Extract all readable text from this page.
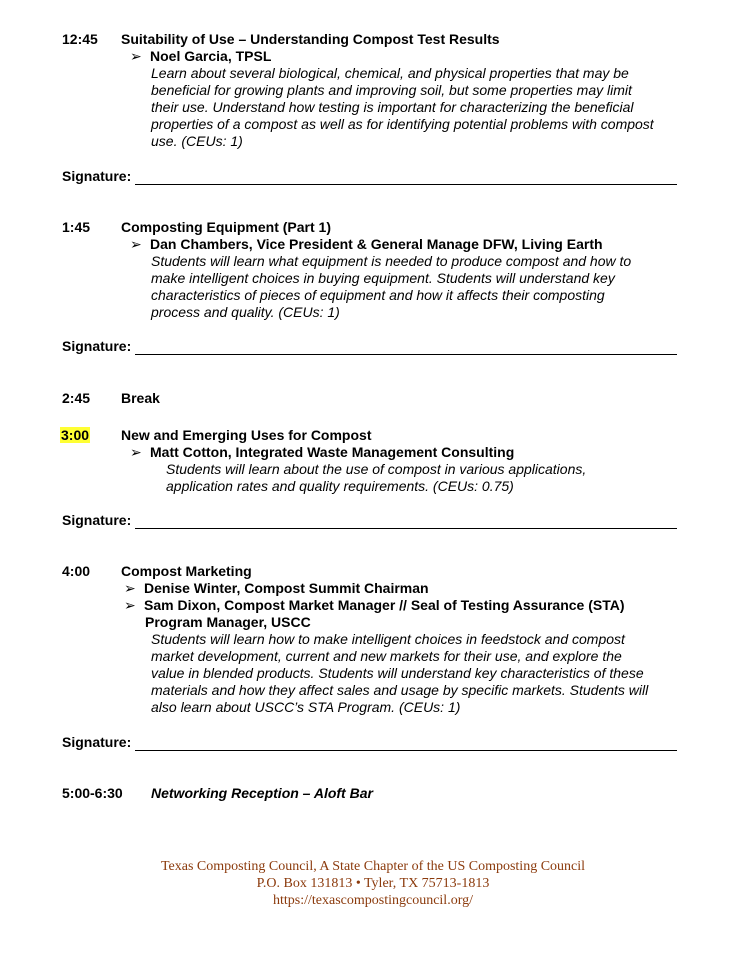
12:45 Suitability of Use – Understanding Compost Test Results
➢ Noel Garcia, TPSL
Learn about several biological, chemical, and physical properties that may be
beneficial for growing plants and improving soil, but some properties may limit
their use. Understand how testing is important for characterizing the beneficial
properties of a compost as well as for identifying potential problems with compost
use. (CEUs: 1)
Signature:
1:45 Composting Equipment (Part 1)
➢ Dan Chambers, Vice President & General Manage DFW, Living Earth
Students will learn what equipment is needed to produce compost and how to
make intelligent choices in buying equipment. Students will understand key
characteristics of pieces of equipment and how it affects their composting
process and quality. (CEUs: 1)
Signature:
2:45 Break
3:00 New and Emerging Uses for Compost
➢ Matt Cotton, Integrated Waste Management Consulting
Students will learn about the use of compost in various applications,
application rates and quality requirements. (CEUs: 0.75)
Signature:
4:00 Compost Marketing
➢ Denise Winter, Compost Summit Chairman
➢ Sam Dixon, Compost Market Manager // Seal of Testing Assurance (STA)
Program Manager, USCC
Students will learn how to make intelligent choices in feedstock and compost
market development, current and new markets for their use, and explore the
value in blended products. Students will understand key characteristics of these
materials and how they affect sales and usage by specific markets. Students will
also learn about USCC’s STA Program. (CEUs: 1)
Signature:
5:00-6:30 Networking Reception – Aloft Bar
Texas Composting Council, A State Chapter of the US Composting Council
P.O. Box 131813 • Tyler, TX 75713-1813
https://texascompostingcouncil.org/
